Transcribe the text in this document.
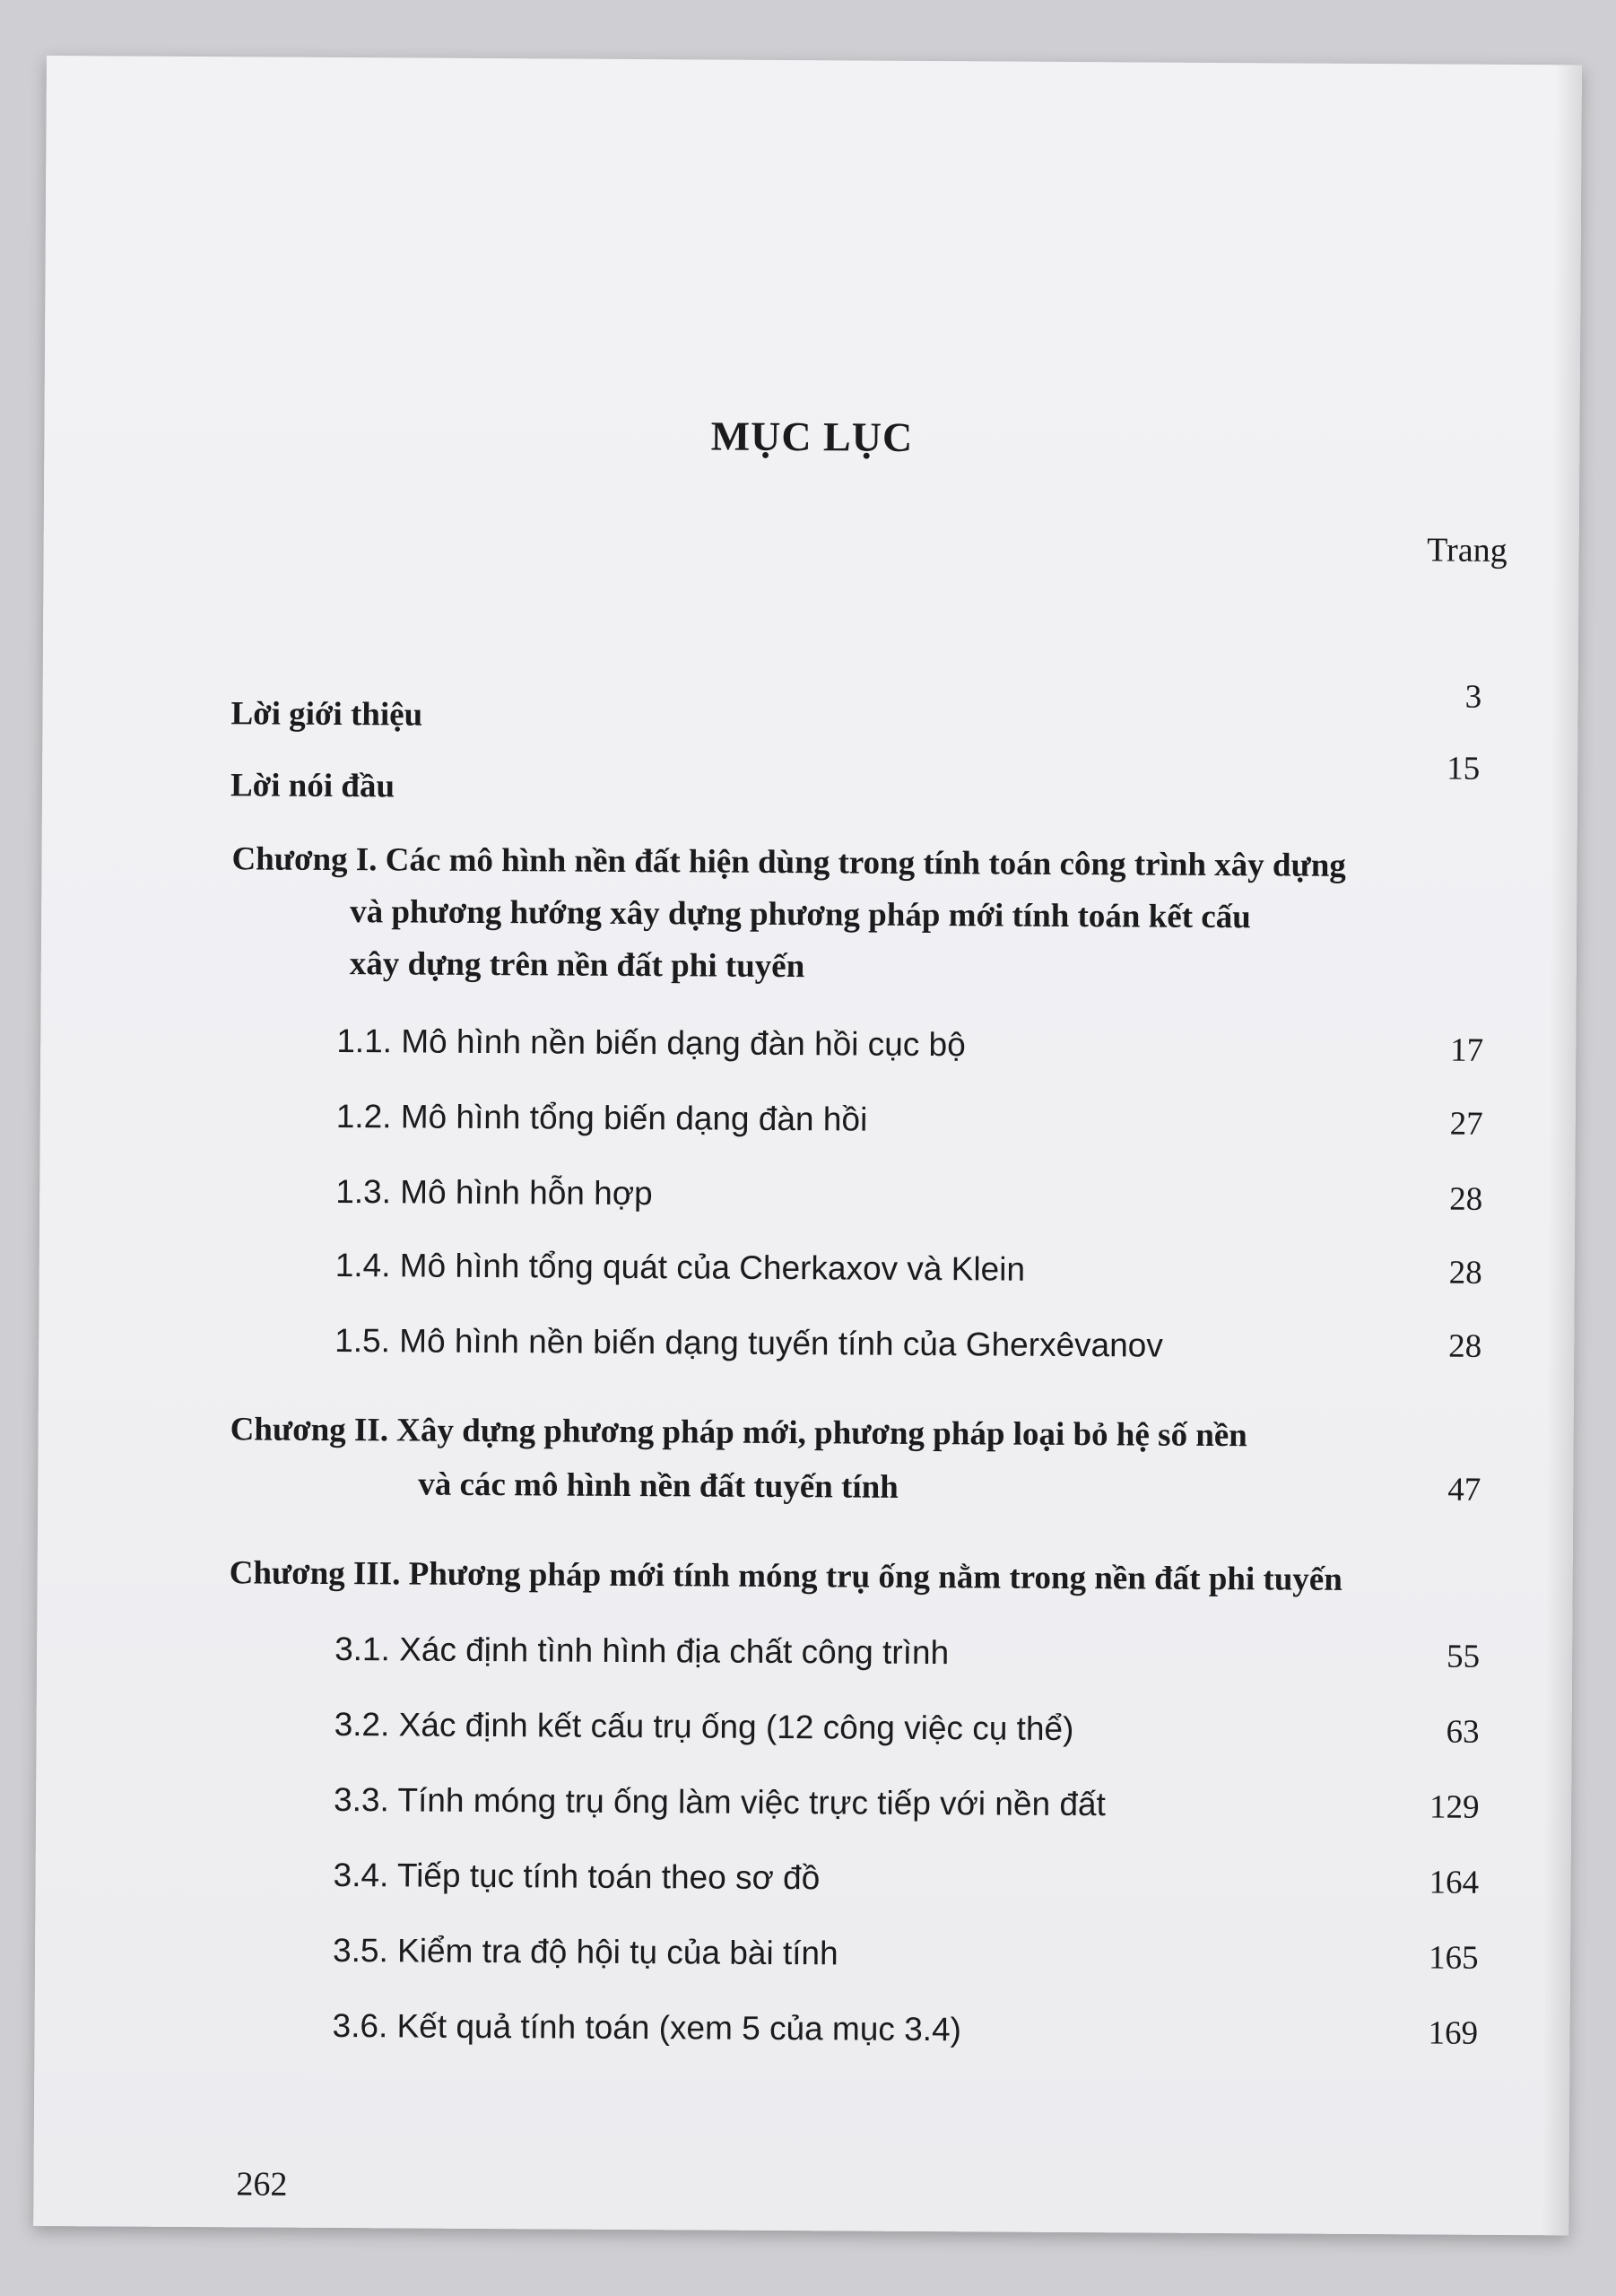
MỤC LỤC
Trang
Lời giới thiệu	3
Lời nói đầu	15
Chương I. Các mô hình nền đất hiện dùng trong tính toán công trình xây dựng
và phương hướng xây dựng phương pháp mới tính toán kết cấu
xây dựng trên nền đất phi tuyến
1.1. Mô hình nền biến dạng đàn hồi cục bộ	17
1.2. Mô hình tổng biến dạng đàn hồi	27
1.3. Mô hình hỗn hợp	28
1.4. Mô hình tổng quát của Cherkaxov và Klein	28
1.5. Mô hình nền biến dạng tuyến tính của Gherxêvanov	28
Chương II. Xây dựng phương pháp mới, phương pháp loại bỏ hệ số nền
và các mô hình nền đất tuyến tính	47
Chương III. Phương pháp mới tính móng trụ ống nằm trong nền đất phi tuyến
3.1. Xác định tình hình địa chất công trình	55
3.2. Xác định kết cấu trụ ống (12 công việc cụ thể)	63
3.3. Tính móng trụ ống làm việc trực tiếp với nền đất	129
3.4. Tiếp tục tính toán theo sơ đồ	164
3.5. Kiểm tra độ hội tụ của bài tính	165
3.6. Kết quả tính toán (xem 5 của mục 3.4)	169
262
